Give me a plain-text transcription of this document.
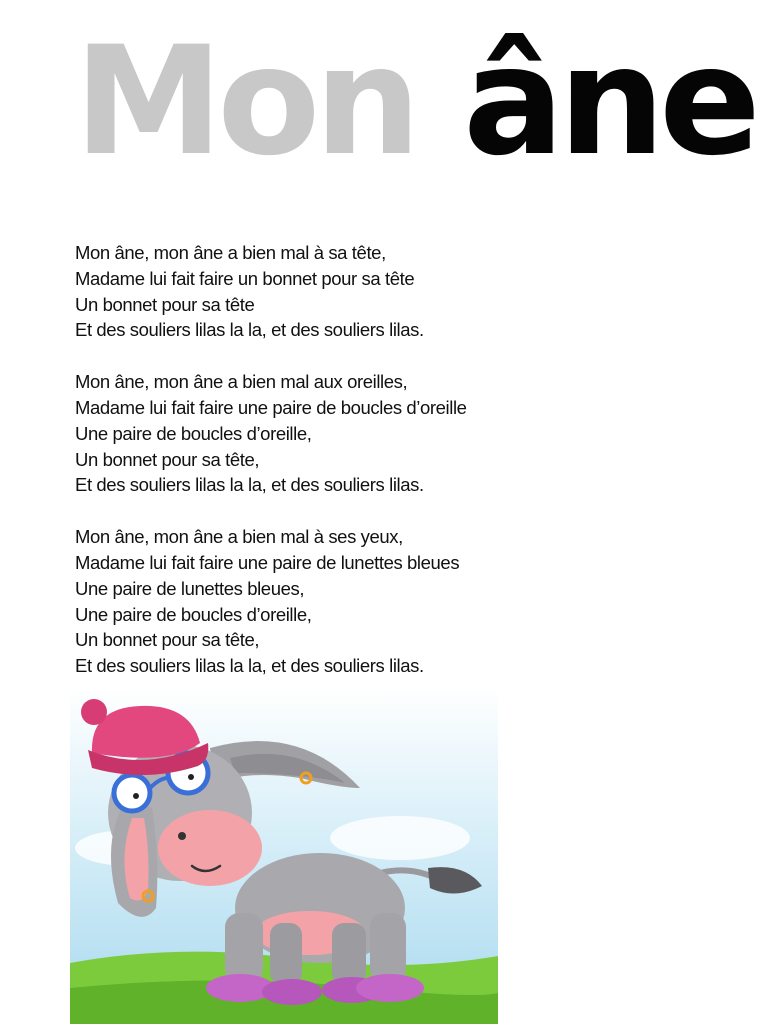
Mon âne
Mon âne, mon âne a bien mal à sa tête,
Madame lui fait faire un bonnet pour sa tête
Un bonnet pour sa tête
Et des souliers lilas la la, et des souliers lilas.
Mon âne, mon âne a bien mal aux oreilles,
Madame lui fait faire une paire de boucles d’oreille
Une paire de boucles d’oreille,
Un bonnet pour sa tête,
Et des souliers lilas la la, et des souliers lilas.
Mon âne, mon âne a bien mal à ses yeux,
Madame lui fait faire une paire de lunettes bleues
Une paire de lunettes bleues,
Une paire de boucles d’oreille,
Un bonnet pour sa tête,
Et des souliers lilas la la, et des souliers lilas.
